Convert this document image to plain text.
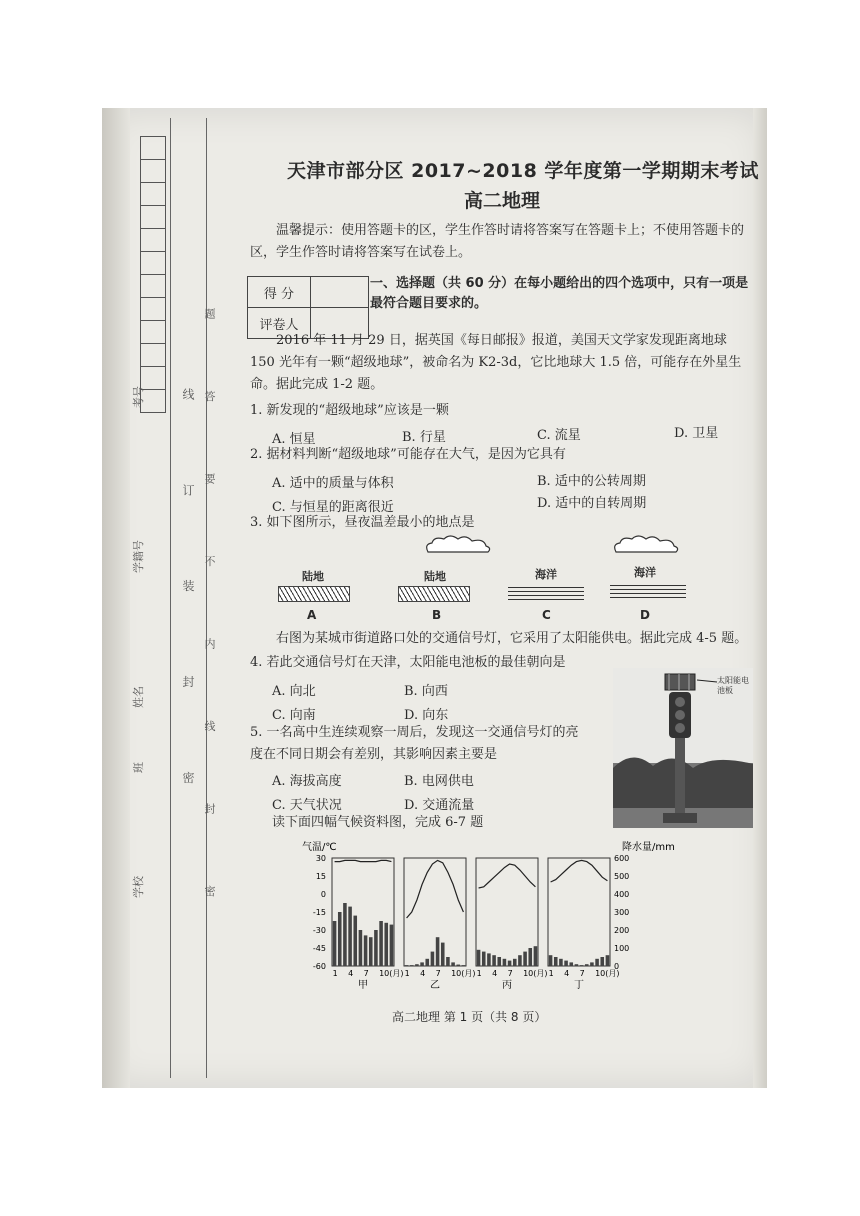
考号
学籍号
姓名
班
学校
线 订 装 封 密 题 答 要 不 内 线 封 密
天津市部分区 2017~2018 学年度第一学期期末考试
高二地理
温馨提示：使用答题卡的区，学生作答时请将答案写在答题卡上；不使用答题卡的区，学生作答时请将答案写在试卷上。
得 分	
评卷人	
一、选择题（共 60 分）在每小题给出的四个选项中，只有一项是最符合题目要求的。
2016 年 11 月 29 日，据英国《每日邮报》报道，美国天文学家发现距离地球 150 光年有一颗“超级地球”，被命名为 K2-3d，它比地球大 1.5 倍，可能存在外星生命。据此完成 1-2 题。
1. 新发现的“超级地球”应该是一颗
A. 恒星	B. 行星	C. 流星	D. 卫星
2. 据材料判断“超级地球”可能存在大气，是因为它具有
A. 适中的质量与体积	B. 适中的公转周期
C. 与恒星的距离很近	D. 适中的自转周期
3. 如下图所示，昼夜温差最小的地点是
陆地	陆地	海洋	海洋
A	B	C	D
右图为某城市街道路口处的交通信号灯，它采用了太阳能供电。据此完成 4-5 题。
4. 若此交通信号灯在天津，太阳能电池板的最佳朝向是
A. 向北	B. 向西
C. 向南	D. 向东
5. 一名高中生连续观察一周后，发现这一交通信号灯的亮度在不同日期会有差别，其影响因素主要是
A. 海拔高度	B. 电网供电
C. 天气状况	D. 交通流量
太阳能电池板
读下面四幅气候资料图，完成 6-7 题
气温/℃	降水量/mm
30
15
0
-15
-30
-45
-60
600
500
400
300
200
100
0
1 4 7 10(月)
甲
1 4 7 10(月)
乙
1 4 7 10(月)
丙
1 4 7 10(月)
丁
高二地理 第 1 页（共 8 页）
